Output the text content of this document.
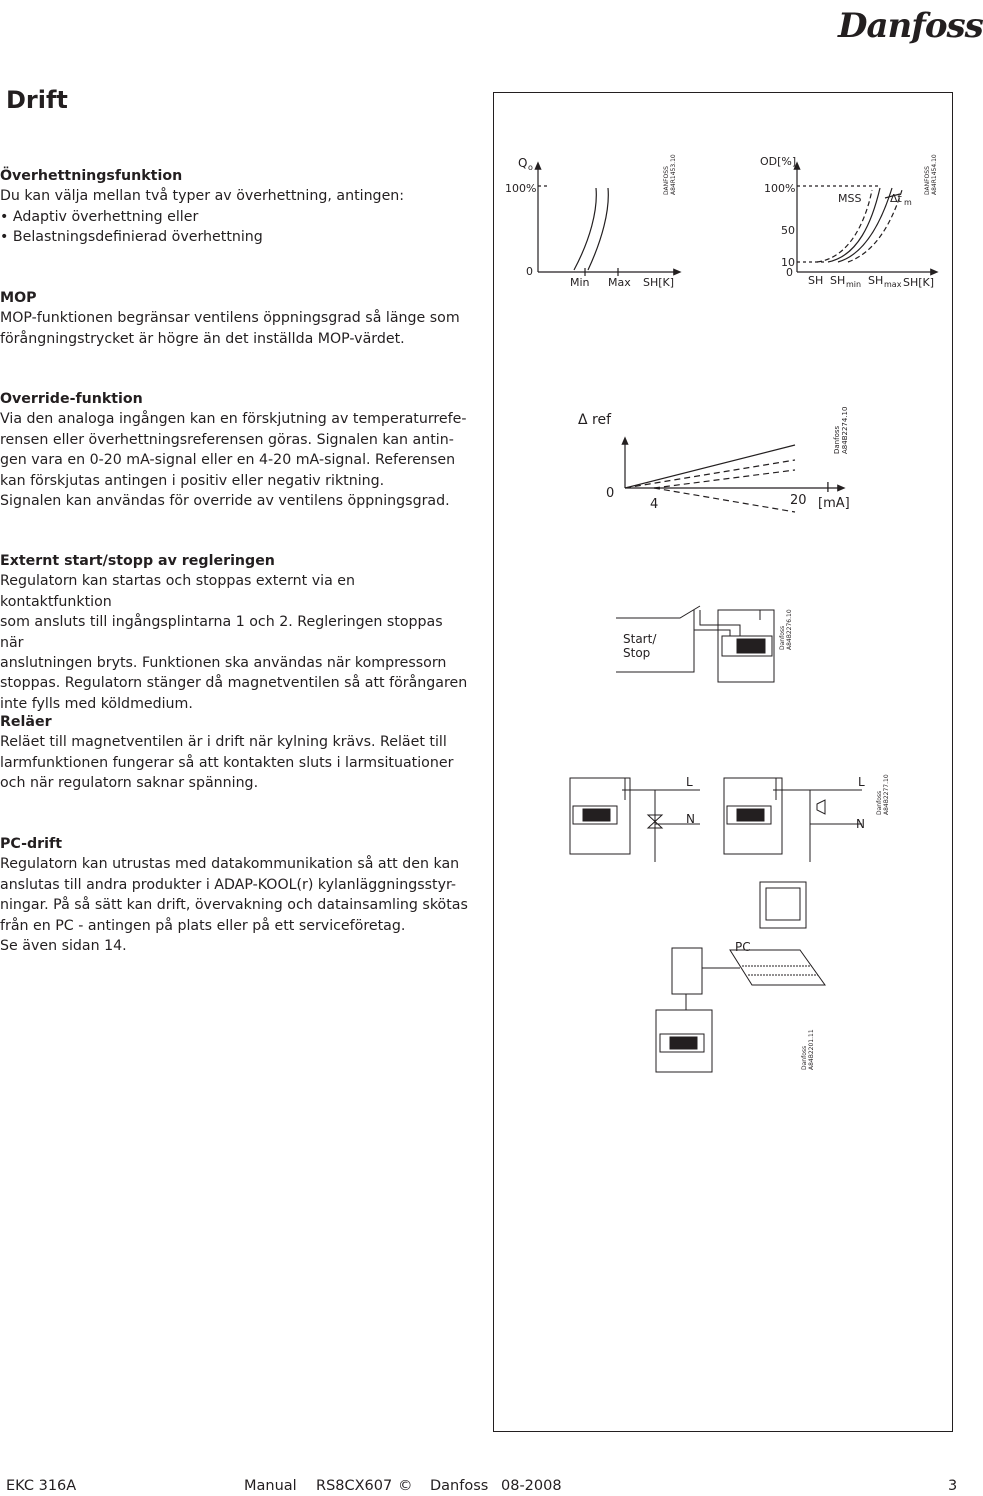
Danfoss
Drift
Överhettningsfunktion
Du kan välja mellan två typer av överhettning, antingen:
• Adaptiv överhettning eller
• Belastningsdefinierad överhettning
MOP
MOP-funktionen begränsar ventilens öppningsgrad så länge som
förångningstrycket är högre än det inställda MOP-värdet.
Override-funktion
Via den analoga ingången kan en förskjutning av temperaturrefe-
rensen eller överhettningsreferensen göras. Signalen kan antin-
gen vara en 0-20 mA-signal eller en 4-20 mA-signal. Referensen
kan förskjutas antingen i positiv eller negativ riktning.
Signalen kan användas för override av ventilens öppningsgrad.
Externt start/stopp av regleringen
Regulatorn kan startas och stoppas externt via en kontaktfunktion
som ansluts till ingångsplintarna 1 och 2. Regleringen stoppas när
anslutningen bryts. Funktionen ska användas när kompressorn
stoppas. Regulatorn stänger då magnetventilen så att förångaren
inte fylls med köldmedium.
Reläer
Reläet till magnetventilen är i drift när kylning krävs. Reläet till
larmfunktionen fungerar så att kontakten sluts i larmsituationer
och när regulatorn saknar spänning.
PC-drift
Regulatorn kan utrustas med datakommunikation så att den kan
anslutas till andra produkter i ADAP-KOOL(r) kylanläggningsstyr-
ningar. På så sätt kan drift, övervakning och datainsamling skötas
från en PC - antingen på plats eller på ett serviceföretag.
Se även sidan 14.
Q o
100%
0
Min Max SH[K]
DANFOSS A84R1453.10	OD[%]
100%
50
10
0
MSS	Δt m
SH SH min SH max SH[K]
DANFOSS A84R1454.10
Δ ref
0
4	20
I
[mA]
Danfoss A84B2274.10
Start/
Stop
Danfoss A84B2276.10
L
N
L
N
Danfoss A84B2277.10
PC
Danfoss A84B2201.11
EKC 316A	Manual RS8CX607 © Danfoss 08-2008	3
